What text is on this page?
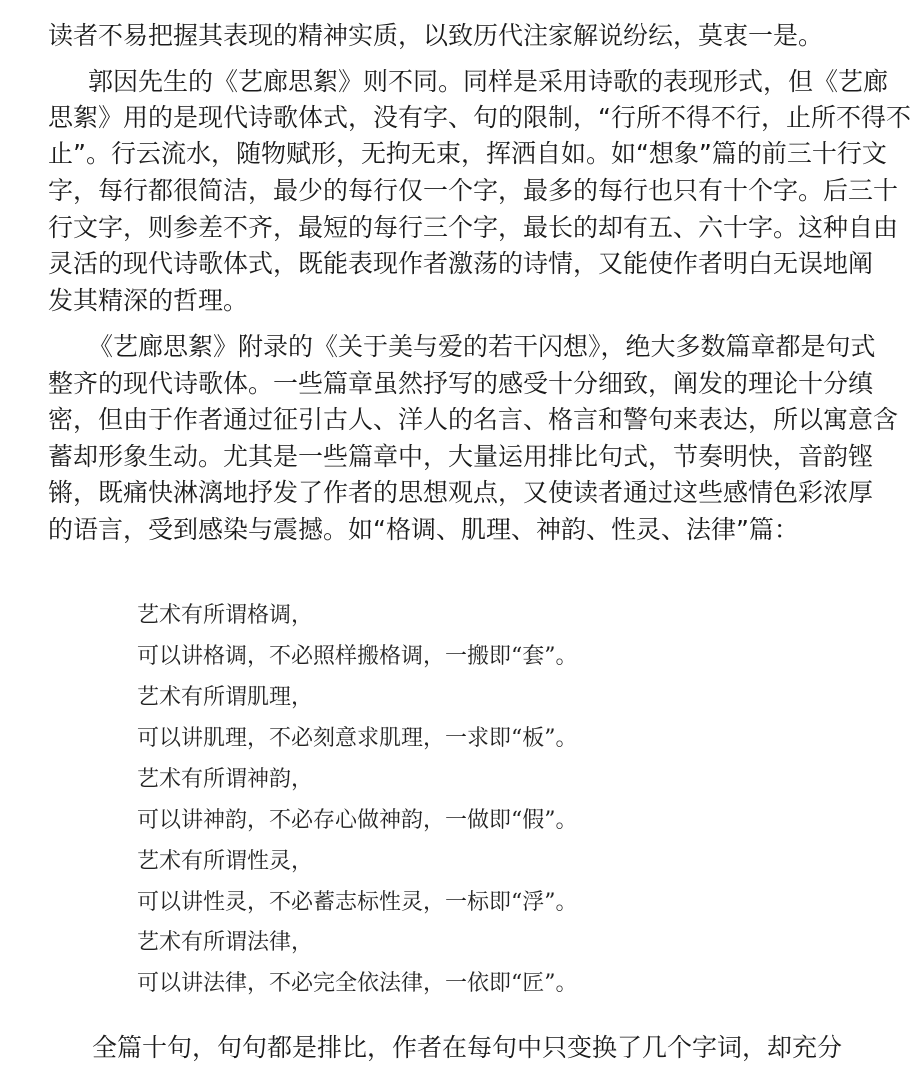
读者不易把握其表现的精神实质，以致历代注家解说纷纭，莫衷一是。
郭因先生的《艺廊思絮》则不同。同样是采用诗歌的表现形式，但《艺廊
思絮》用的是现代诗歌体式，没有字、句的限制，“行所不得不行，止所不得不
止”。行云流水，随物赋形，无拘无束，挥洒自如。如“想象”篇的前三十行文
字，每行都很简洁，最少的每行仅一个字，最多的每行也只有十个字。后三十
行文字，则参差不齐，最短的每行三个字，最长的却有五、六十字。这种自由
灵活的现代诗歌体式，既能表现作者激荡的诗情，又能使作者明白无误地阐
发其精深的哲理。
《艺廊思絮》附录的《关于美与爱的若干闪想》，绝大多数篇章都是句式
整齐的现代诗歌体。一些篇章虽然抒写的感受十分细致，阐发的理论十分缜
密，但由于作者通过征引古人、洋人的名言、格言和警句来表达，所以寓意含
蓄却形象生动。尤其是一些篇章中，大量运用排比句式，节奏明快，音韵铿
锵，既痛快淋漓地抒发了作者的思想观点，又使读者通过这些感情色彩浓厚
的语言，受到感染与震撼。如“格调、肌理、神韵、性灵、法律”篇：
艺术有所谓格调，
可以讲格调，不必照样搬格调，一搬即“套”。
艺术有所谓肌理，
可以讲肌理，不必刻意求肌理，一求即“板”。
艺术有所谓神韵，
可以讲神韵，不必存心做神韵，一做即“假”。
艺术有所谓性灵，
可以讲性灵，不必蓄志标性灵，一标即“浮”。
艺术有所谓法律，
可以讲法律，不必完全依法律，一依即“匠”。
全篇十句，句句都是排比，作者在每句中只变换了几个字词，却充分
